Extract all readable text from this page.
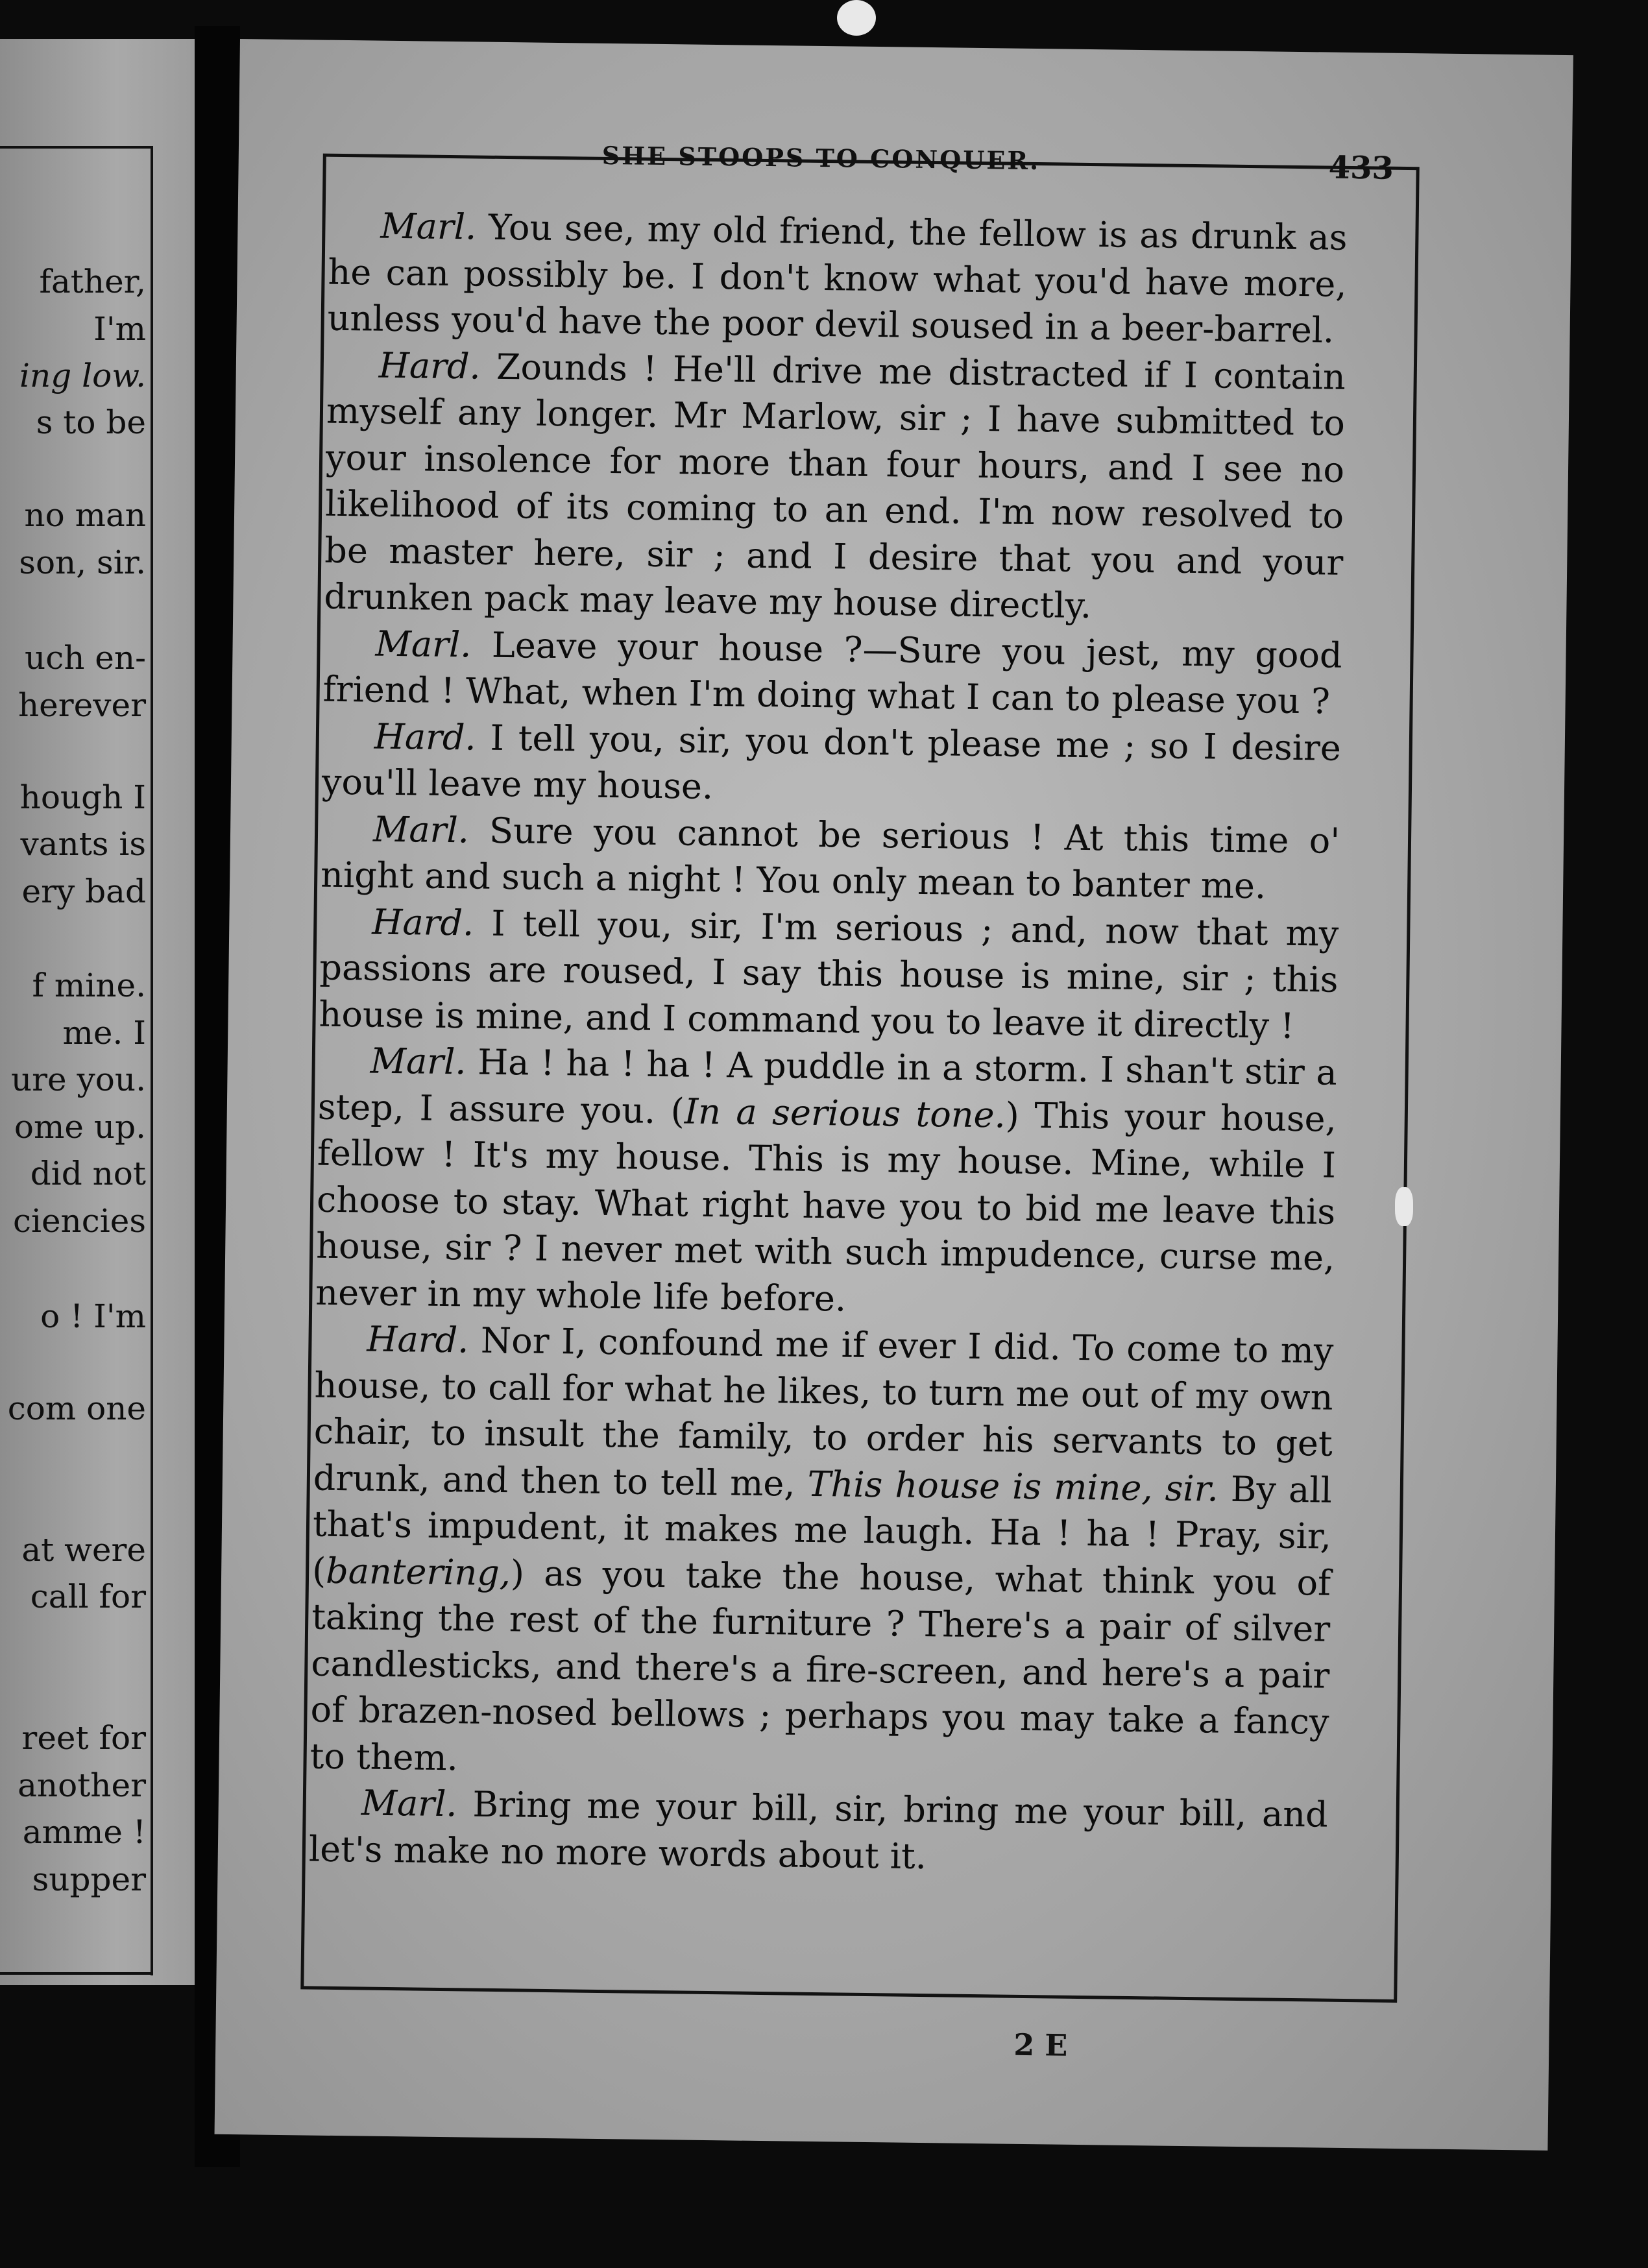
father,

I'm

ing low.

s to be

no man

son, sir.

uch en-

herever

hough I

vants is

ery bad

f mine.

me. I

ure you.

ome up.

did not

ciencies

o ! I'm

com one

at were

call for

reet for

another

amme !

supper

SHE STOOPS TO CONQUER.	433

Marl. You see, my old friend, the fellow is as drunk as he can possibly be. I don't know what you'd have more, unless you'd have the poor devil soused in a beer-barrel.

Hard. Zounds ! He'll drive me distracted if I contain myself any longer. Mr Marlow, sir ; I have submitted to your insolence for more than four hours, and I see no likelihood of its coming to an end. I'm now resolved to be master here, sir ; and I desire that you and your drunken pack may leave my house directly.

Marl. Leave your house ?—Sure you jest, my good friend ! What, when I'm doing what I can to please you ?

Hard. I tell you, sir, you don't please me ; so I desire you'll leave my house.

Marl. Sure you cannot be serious ! At this time o' night and such a night ! You only mean to banter me.

Hard. I tell you, sir, I'm serious ; and, now that my passions are roused, I say this house is mine, sir ; this house is mine, and I command you to leave it directly !

Marl. Ha ! ha ! ha ! A puddle in a storm. I shan't stir a step, I assure you. (In a serious tone.) This your house, fellow ! It's my house. This is my house. Mine, while I choose to stay. What right have you to bid me leave this house, sir ? I never met with such impudence, curse me, never in my whole life before.

Hard. Nor I, confound me if ever I did. To come to my house, to call for what he likes, to turn me out of my own chair, to insult the family, to order his servants to get drunk, and then to tell me, This house is mine, sir. By all that's impudent, it makes me laugh. Ha ! ha ! Pray, sir, (bantering,) as you take the house, what think you of taking the rest of the furniture ? There's a pair of silver candlesticks, and there's a fire-screen, and here's a pair of brazen-nosed bellows ; perhaps you may take a fancy to them.

Marl. Bring me your bill, sir, bring me your bill, and let's make no more words about it.

2 E
